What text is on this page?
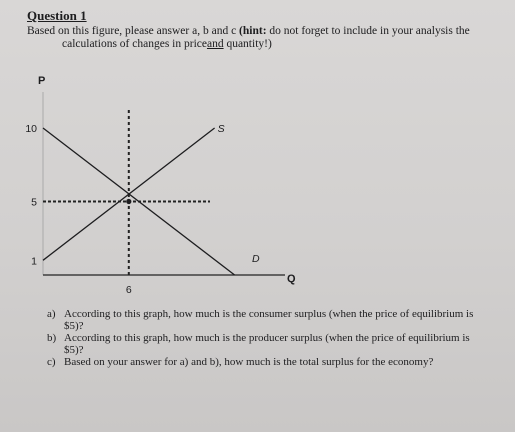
Question 1
Based on this figure, please answer a, b and c (hint: do not forget to include in your analysis the
calculations of changes in priceand quantity!)
P
Q
10
5
1
6
S
D
a) According to this graph, how much is the consumer surplus (when the price of equilibrium is $5)?
b) According to this graph, how much is the producer surplus (when the price of equilibrium is $5)?
c) Based on your answer for a) and b), how much is the total surplus for the economy?
